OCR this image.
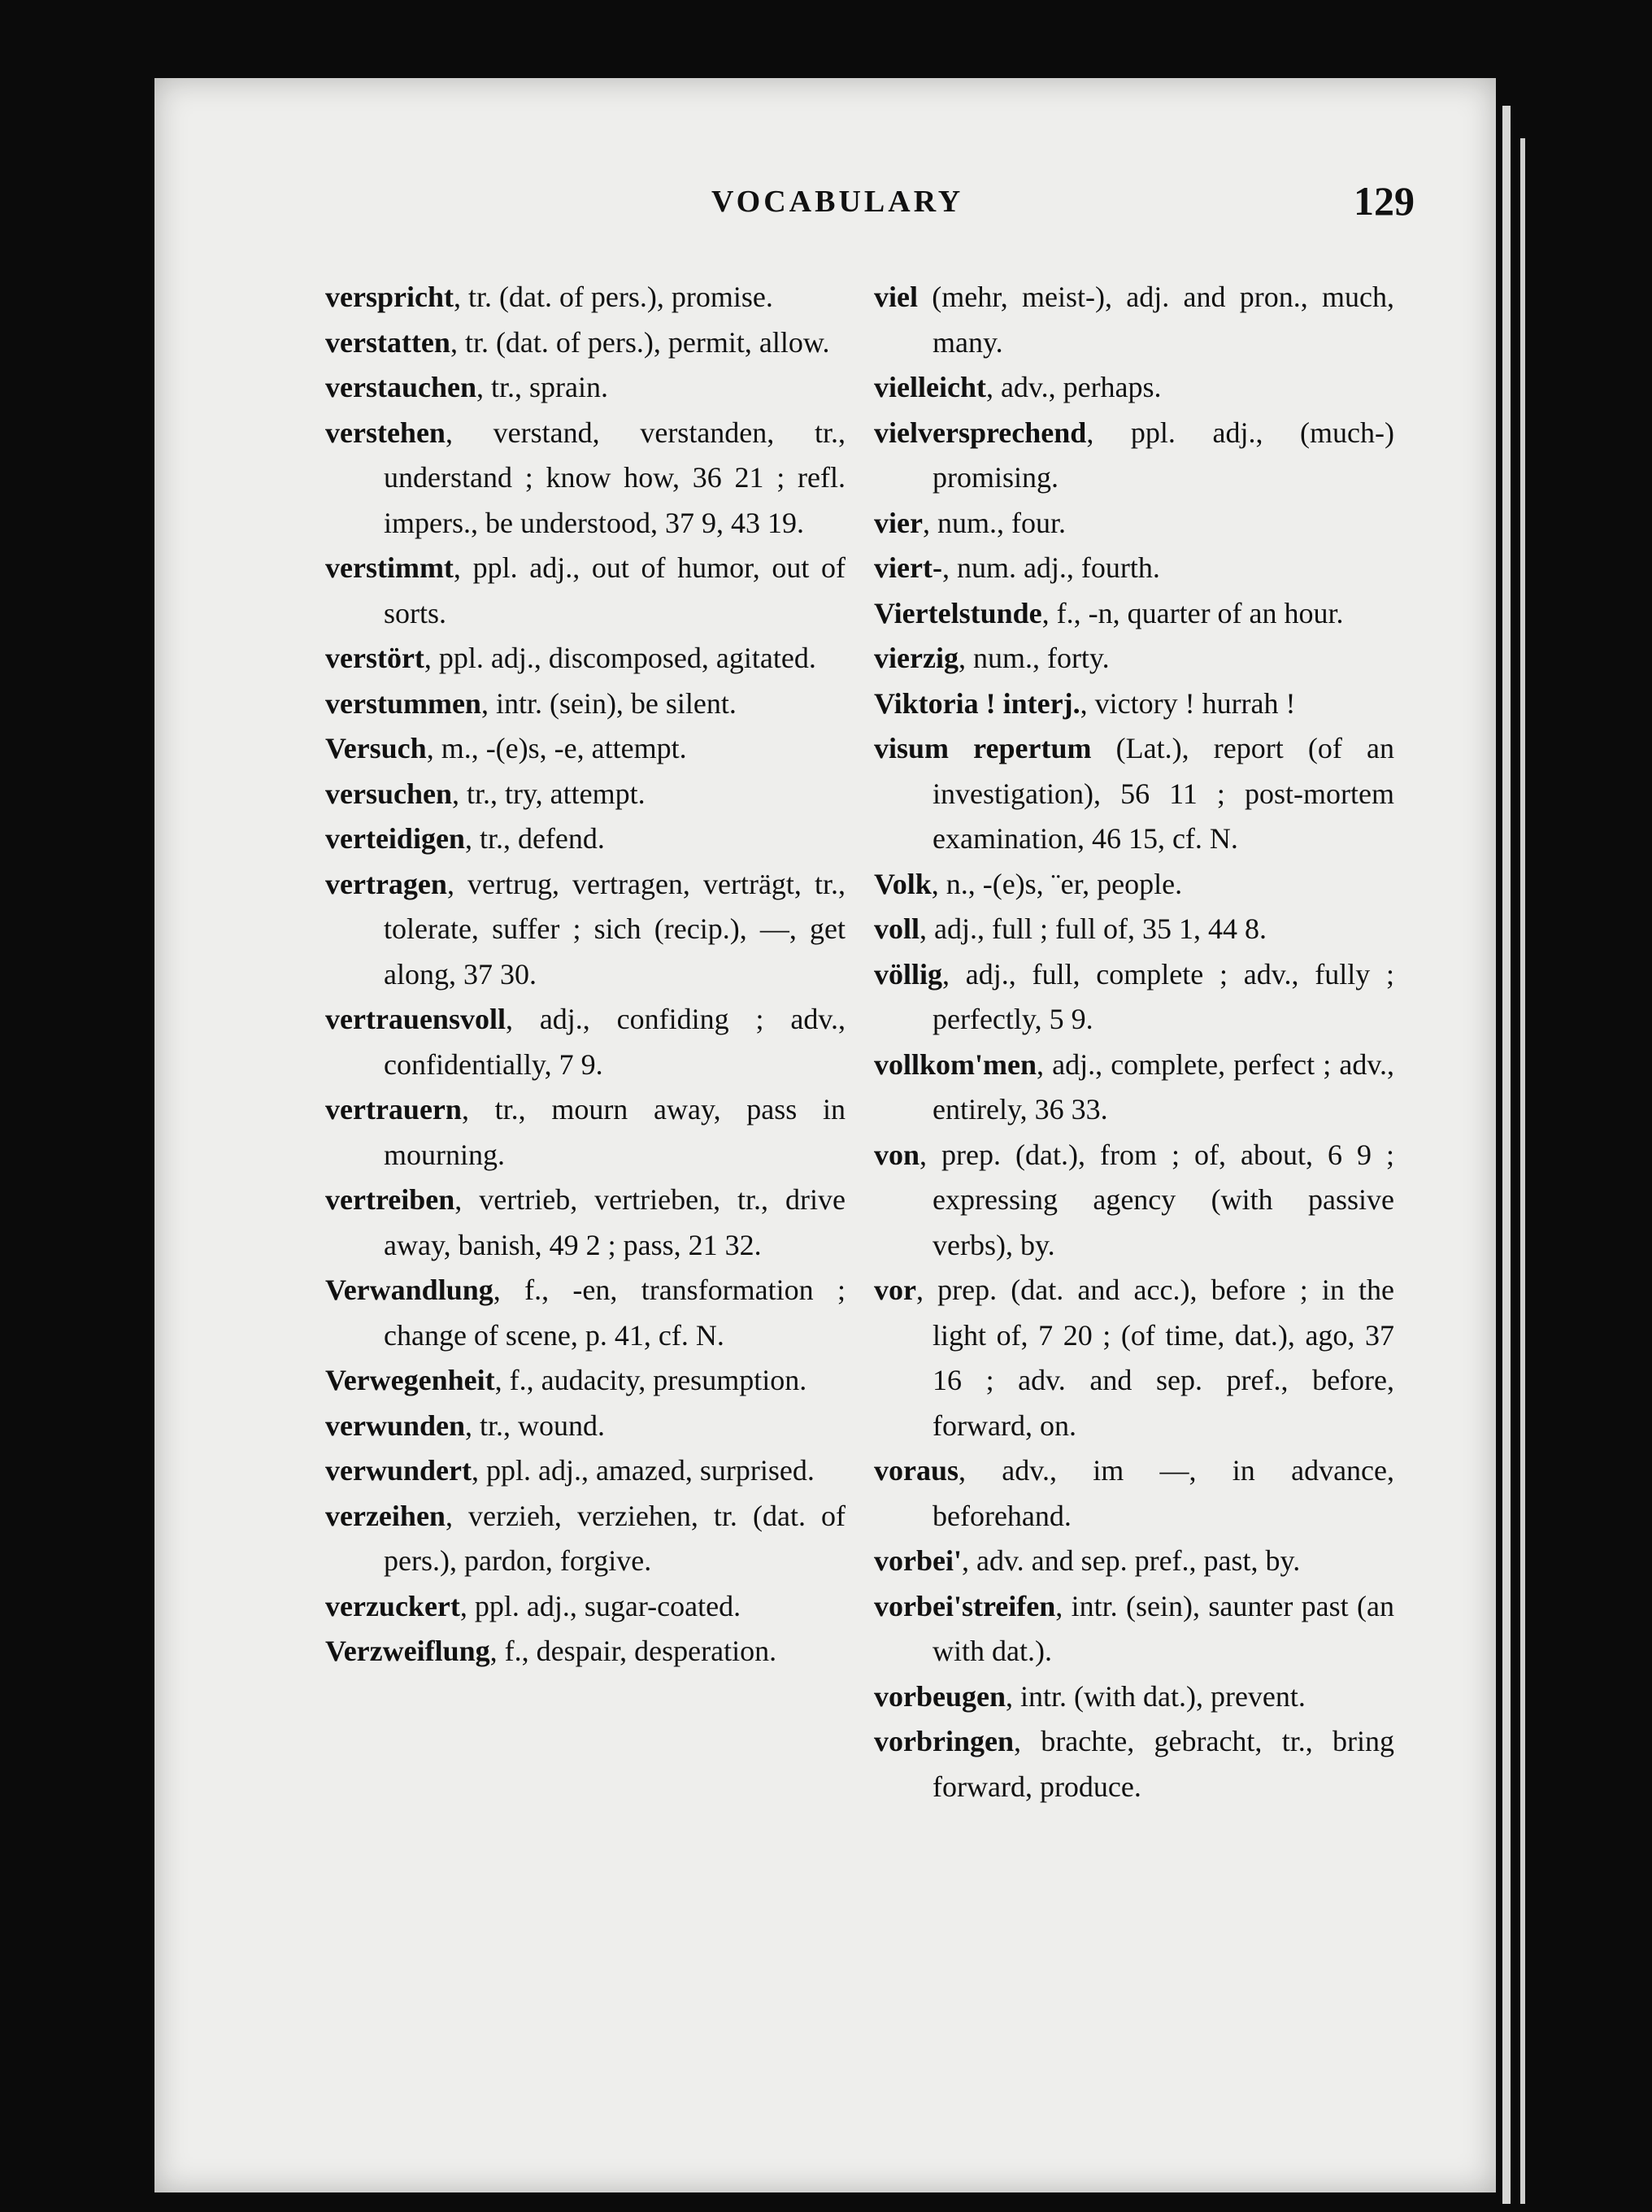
VOCABULARY	129

verspricht, tr. (dat. of pers.), promise.

verstatten, tr. (dat. of pers.), permit, allow.

verstauchen, tr., sprain.

verstehen, verstand, verstanden, tr., understand ; know how, 36 21 ; refl. impers., be understood, 37 9, 43 19.

verstimmt, ppl. adj., out of humor, out of sorts.

verstört, ppl. adj., discomposed, agitated.

verstummen, intr. (sein), be silent.

Versuch, m., -(e)s, -e, attempt.

versuchen, tr., try, attempt.

verteidigen, tr., defend.

vertragen, vertrug, vertragen, verträgt, tr., tolerate, suffer ; sich (recip.), —, get along, 37 30.

vertrauensvoll, adj., confiding ; adv., confidentially, 7 9.

vertrauern, tr., mourn away, pass in mourning.

vertreiben, vertrieb, vertrieben, tr., drive away, banish, 49 2 ; pass, 21 32.

Verwandlung, f., -en, transformation ; change of scene, p. 41, cf. N.

Verwegenheit, f., audacity, presumption.

verwunden, tr., wound.

verwundert, ppl. adj., amazed, surprised.

verzeihen, verzieh, verziehen, tr. (dat. of pers.), pardon, forgive.

verzuckert, ppl. adj., sugar-coated.

Verzweiflung, f., despair, desperation.

viel (mehr, meist-), adj. and pron., much, many.

vielleicht, adv., perhaps.

vielversprechend, ppl. adj., (much-) promising.

vier, num., four.

viert-, num. adj., fourth.

Viertelstunde, f., -n, quarter of an hour.

vierzig, num., forty.

Viktoria ! interj., victory ! hurrah !

visum repertum (Lat.), report (of an investigation), 56 11 ; post-mortem examination, 46 15, cf. N.

Volk, n., -(e)s, ¨er, people.

voll, adj., full ; full of, 35 1, 44 8.

völlig, adj., full, complete ; adv., fully ; perfectly, 5 9.

vollkom'men, adj., complete, perfect ; adv., entirely, 36 33.

von, prep. (dat.), from ; of, about, 6 9 ; expressing agency (with passive verbs), by.

vor, prep. (dat. and acc.), before ; in the light of, 7 20 ; (of time, dat.), ago, 37 16 ; adv. and sep. pref., before, forward, on.

voraus, adv., im —, in advance, beforehand.

vorbei', adv. and sep. pref., past, by.

vorbei'streifen, intr. (sein), saunter past (an with dat.).

vorbeugen, intr. (with dat.), prevent.

vorbringen, brachte, gebracht, tr., bring forward, produce.
